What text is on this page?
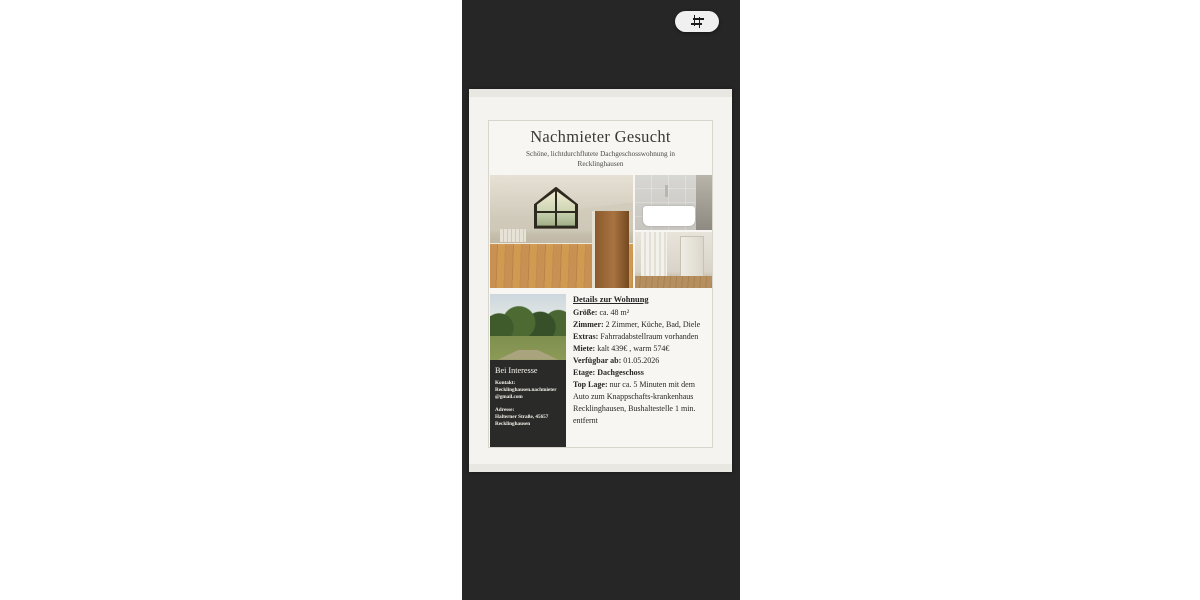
Nachmieter Gesucht

Schöne, lichtdurchflutete Dachgeschosswohnung in Recklinghausen

Bei Interesse

Kontakt:

Recklinghausen.nachmieter@gmail.com

Adresse:

Halterner Straße, 45657 Recklinghausen

Details zur Wohnung

Größe: ca. 48 m²

Zimmer: 2 Zimmer, Küche, Bad, Diele

Extras: Fahrradabstellraum vorhanden

Miete: kalt 439€ , warm 574€

Verfügbar ab: 01.05.2026

Etage: Dachgeschoss

Top Lage: nur ca. 5 Minuten mit dem Auto zum Knappschafts-krankenhaus Recklinghausen, Bushaltestelle 1 min. entfernt
